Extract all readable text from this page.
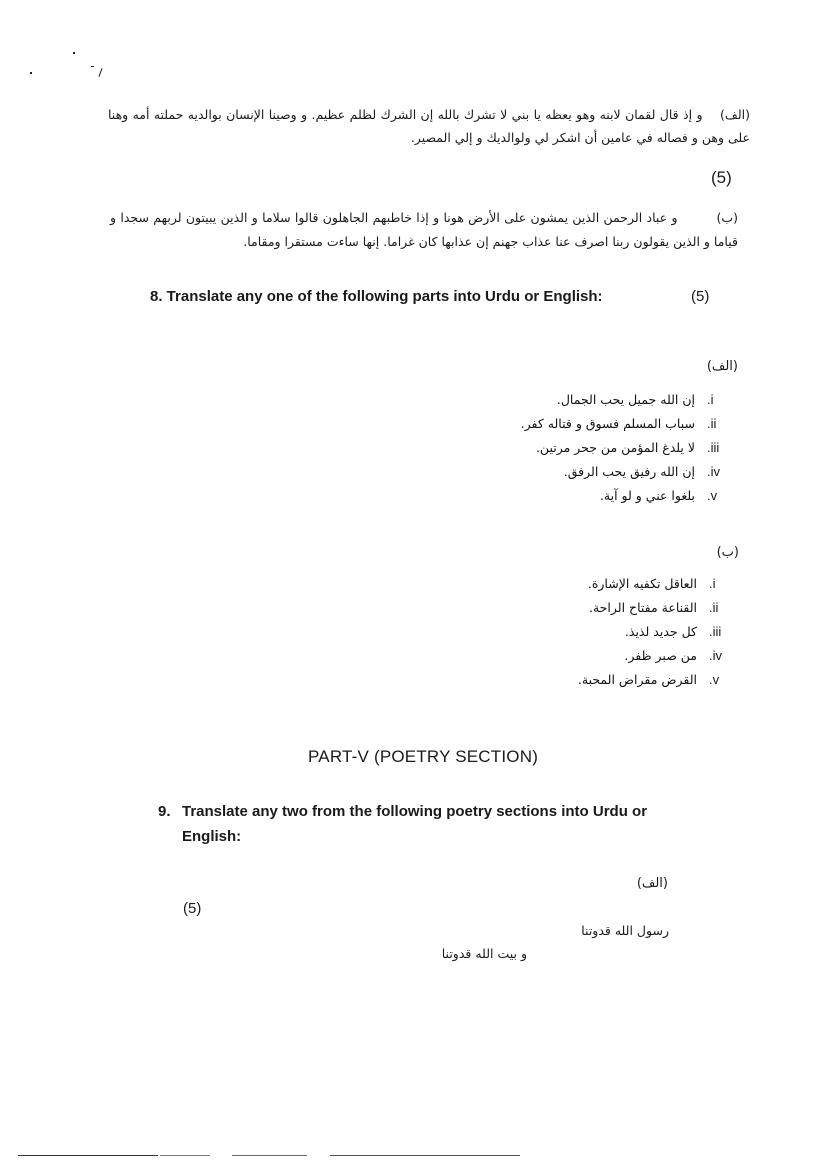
(الف)    و إذ قال لقمان لابنه وهو يعظه يا بني لا تشرك بالله إن الشرك لظلم عظيم. و وصينا الإنسان بوالديه حملته أمه وهنا على وهن و فصاله في عامين أن اشكر لي ولوالديك و إلي المصير.
(5)
(ب)         و عباد الرحمن الذين يمشون على الأرض هونا و إذا خاطبهم الجاهلون قالوا سلاما و الذين يبيتون لربهم سجدا و قياما و الذين يقولون ربنا اصرف عنا عذاب جهنم إن عذابها كان غراما. إنها ساءت مستقرا ومقاما.
8. Translate any one of the following parts into Urdu or English:	(5)
(الف)
.i
إن الله جميل يحب الجمال.
.ii
سباب المسلم فسوق و قتاله كفر.
.iii
لا يلدغ المؤمن من جحر مرتين.
.iv
إن الله رفيق يحب الرفق.
.v
بلغوا عني و لو آية.
(ب)
.i
العاقل تكفيه الإشارة.
.ii
القناعة مفتاح الراحة.
.iii
كل جديد لذيذ.
.iv
من صبر ظفر.
.v
القرض مقراض المحبة.
PART-V (POETRY SECTION)
9. Translate any two from the following poetry sections into Urdu or
English:
(الف)
(5)
رسول الله قدوتنا
و بيت الله قدوتنا
